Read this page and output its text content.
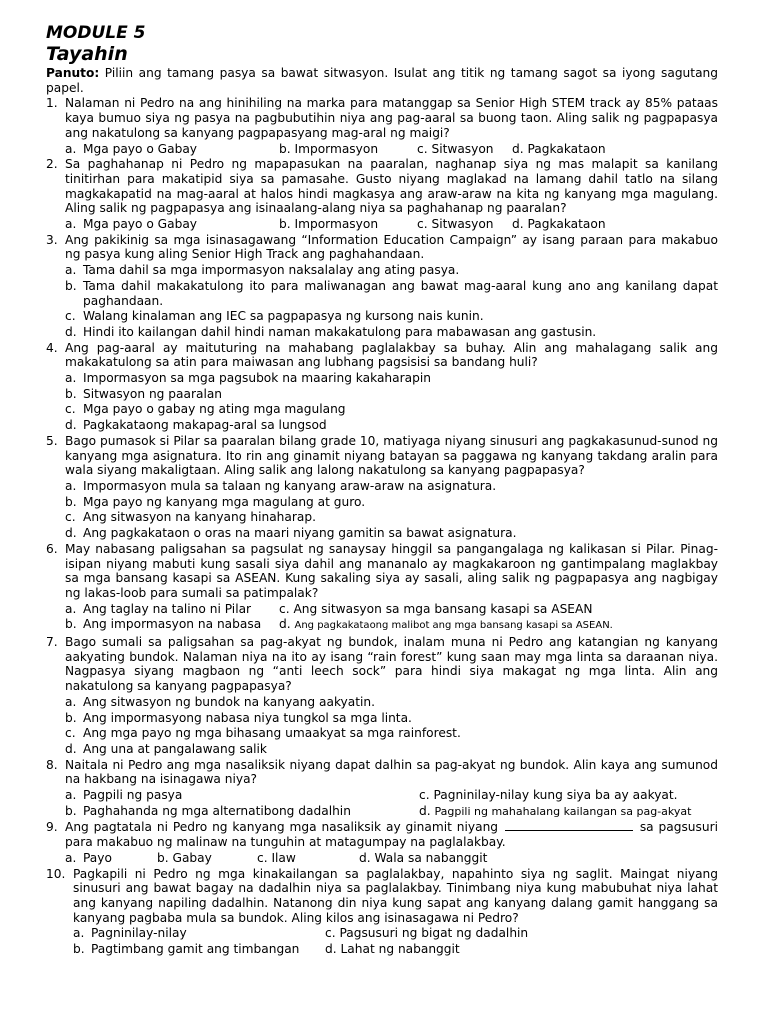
MODULE 5
Tayahin
Panuto: Piliin ang tamang pasya sa bawat sitwasyon. Isulat ang titik ng tamang sagot sa iyong sagutang papel.
1. Nalaman ni Pedro na ang hinihiling na marka para matanggap sa Senior High STEM track ay 85% pataas kaya bumuo siya ng pasya na pagbubutihin niya ang pag-aaral sa buong taon. Aling salik ng pagpapasya ang nakatulong sa kanyang pagpapasyang mag-aral ng maigi?
a. Mga payo o Gabay	b. Impormasyon	c. Sitwasyon	d. Pagkakataon
2. Sa paghahanap ni Pedro ng mapapasukan na paaralan, naghanap siya ng mas malapit sa kanilang tinitirhan para makatipid siya sa pamasahe. Gusto niyang maglakad na lamang dahil tatlo na silang magkakapatid na mag-aaral at halos hindi magkasya ang araw-araw na kita ng kanyang mga magulang. Aling salik ng pagpapasya ang isinaalang-alang niya sa paghahanap ng paaralan?
a. Mga payo o Gabay	b. Impormasyon	c. Sitwasyon	d. Pagkakataon
3. Ang pakikinig sa mga isinasagawang “Information Education Campaign” ay isang paraan para makabuo ng pasya kung aling Senior High Track ang paghahandaan.
a. Tama dahil sa mga impormasyon naksalalay ang ating pasya.
b. Tama dahil makakatulong ito para maliwanagan ang bawat mag-aaral kung ano ang kanilang dapat paghandaan.
c. Walang kinalaman ang IEC sa pagpapasya ng kursong nais kunin.
d. Hindi ito kailangan dahil hindi naman makakatulong para mabawasan ang gastusin.
4. Ang pag-aaral ay maituturing na mahabang paglalakbay sa buhay. Alin ang mahalagang salik ang makakatulong sa atin para maiwasan ang lubhang pagsisisi sa bandang huli?
a. Impormasyon sa mga pagsubok na maaring kakaharapin
b. Sitwasyon ng paaralan
c. Mga payo o gabay ng ating mga magulang
d. Pagkakataong makapag-aral sa lungsod
5. Bago pumasok si Pilar sa paaralan bilang grade 10, matiyaga niyang sinusuri ang pagkakasunud-sunod ng kanyang mga asignatura. Ito rin ang ginamit niyang batayan sa paggawa ng kanyang takdang aralin para wala siyang makaligtaan. Aling salik ang lalong nakatulong sa kanyang pagpapasya?
a. Impormasyon mula sa talaan ng kanyang araw-araw na asignatura.
b. Mga payo ng kanyang mga magulang at guro.
c. Ang sitwasyon na kanyang hinaharap.
d. Ang pagkakataon o oras na maari niyang gamitin sa bawat asignatura.
6. May nabasang paligsahan sa pagsulat ng sanaysay hinggil sa pangangalaga ng kalikasan si Pilar. Pinag-isipan niyang mabuti kung sasali siya dahil ang mananalo ay magkakaroon ng gantimpalang maglakbay sa mga bansang kasapi sa ASEAN. Kung sakaling siya ay sasali, aling salik ng pagpapasya ang nagbigay ng lakas-loob para sumali sa patimpalak?
a. Ang taglay na talino ni Pilar	c. Ang sitwasyon sa mga bansang kasapi sa ASEAN
b. Ang impormasyon na nabasa	d. Ang pagkakataong malibot ang mga bansang kasapi sa ASEAN.
7. Bago sumali sa paligsahan sa pag-akyat ng bundok, inalam muna ni Pedro ang katangian ng kanyang aakyating bundok. Nalaman niya na ito ay isang “rain forest” kung saan may mga linta sa daraanan niya. Nagpasya siyang magbaon ng “anti leech sock” para hindi siya makagat ng mga linta. Alin ang nakatulong sa kanyang pagpapasya?
a. Ang sitwasyon ng bundok na kanyang aakyatin.
b. Ang impormasyong nabasa niya tungkol sa mga linta.
c. Ang mga payo ng mga bihasang umaakyat sa mga rainforest.
d. Ang una at pangalawang salik
8. Naitala ni Pedro ang mga nasaliksik niyang dapat dalhin sa pag-akyat ng bundok. Alin kaya ang sumunod na hakbang na isinagawa niya?
a. Pagpili ng pasya	c. Pagninilay-nilay kung siya ba ay aakyat.
b. Paghahanda ng mga alternatibong dadalhin	d. Pagpili ng mahahalang kailangan sa pag-akyat
9. Ang pagtatala ni Pedro ng kanyang mga nasaliksik ay ginamit niyang	sa pagsusuri para makabuo ng malinaw na tunguhin at matagumpay na paglalakbay.
a. Payo	b. Gabay	c. Ilaw	d. Wala sa nabanggit
10. Pagkapili ni Pedro ng mga kinakailangan sa paglalakbay, napahinto siya ng saglit. Maingat niyang sinusuri ang bawat bagay na dadalhin niya sa paglalakbay. Tinimbang niya kung mabubuhat niya lahat ang kanyang napiling dadalhin. Natanong din niya kung sapat ang kanyang dalang gamit hanggang sa kanyang pagbaba mula sa bundok. Aling kilos ang isinasagawa ni Pedro?
a. Pagninilay-nilay	c. Pagsusuri ng bigat ng dadalhin
b. Pagtimbang gamit ang timbangan	d. Lahat ng nabanggit
